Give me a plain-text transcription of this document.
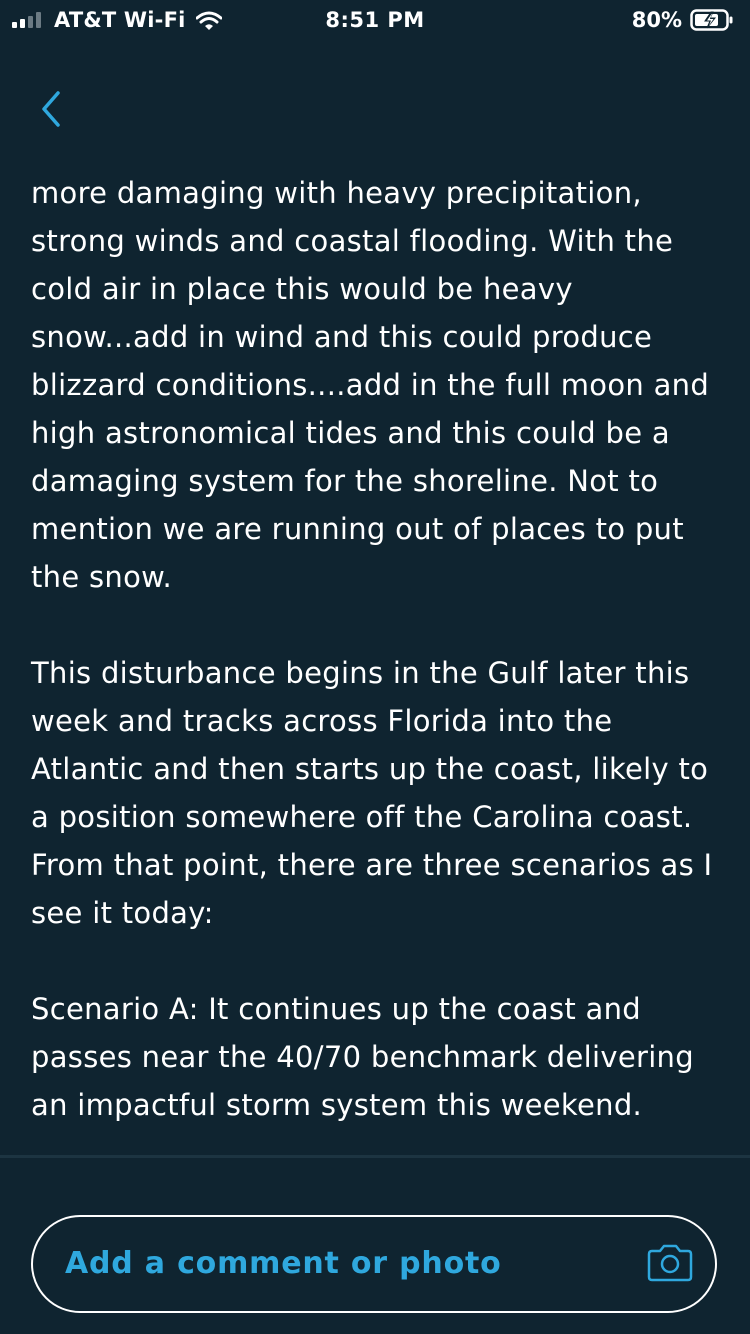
AT&T Wi-Fi	8:51 PM	80%

more damaging with heavy precipitation, strong winds and coastal flooding. With the cold air in place this would be heavy snow...add in wind and this could produce blizzard conditions....add in the full moon and high astronomical tides and this could be a damaging system for the shoreline. Not to mention we are running out of places to put the snow.

This disturbance begins in the Gulf later this week and tracks across Florida into the Atlantic and then starts up the coast, likely to a position somewhere off the Carolina coast. From that point, there are three scenarios as I see it today:

Scenario A: It continues up the coast and passes near the 40/70 benchmark delivering an impactful storm system this weekend.

Add a comment or photo
